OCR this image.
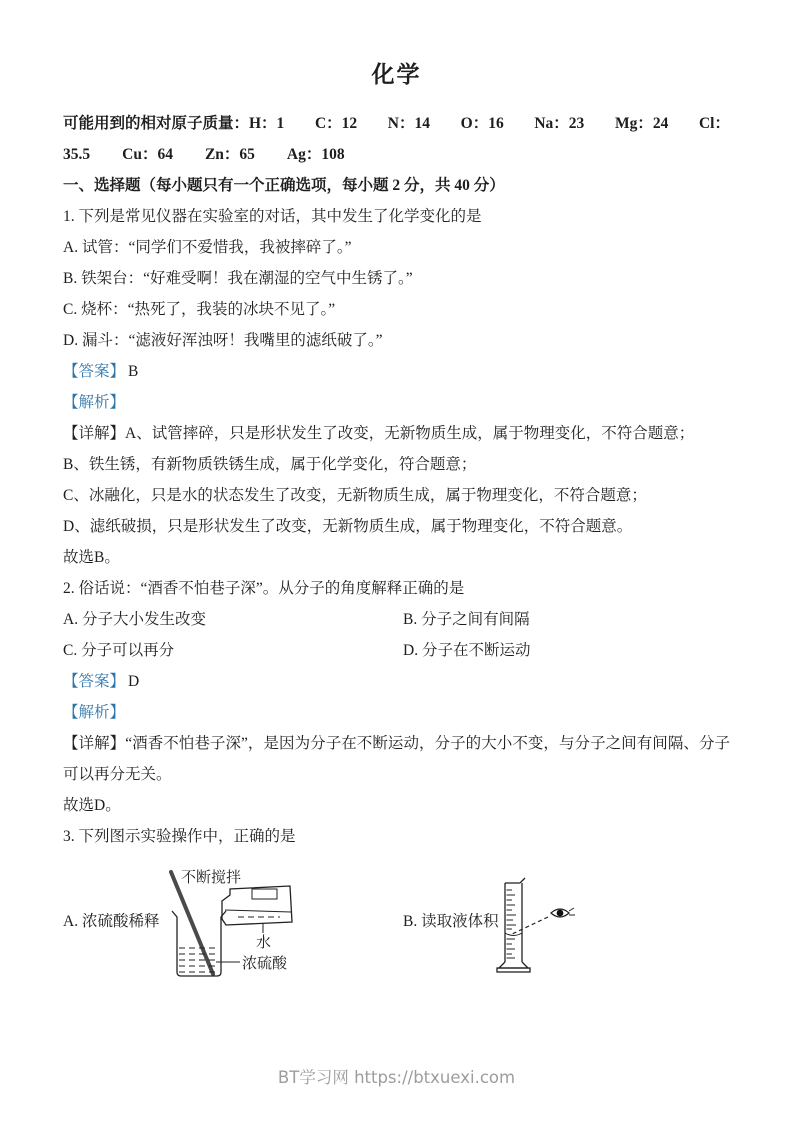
化学
可能用到的相对原子质量：H：1 C：12 N：14 O：16 Na：23 Mg：24 Cl：
35.5 Cu：64 Zn：65 Ag：108

一、选择题（每小题只有一个正确选项，每小题 2 分，共 40 分）

1. 下列是常见仪器在实验室的对话，其中发生了化学变化的是

A. 试管：“同学们不爱惜我，我被摔碎了。”

B. 铁架台：“好难受啊！我在潮湿的空气中生锈了。”

C. 烧杯：“热死了，我装的冰块不见了。”

D. 漏斗：“滤液好浑浊呀！我嘴里的滤纸破了。”

【答案】 B

【解析】

【详解】A、试管摔碎，只是形状发生了改变，无新物质生成，属于物理变化，不符合题意；

B、铁生锈，有新物质铁锈生成，属于化学变化，符合题意；

C、冰融化，只是水的状态发生了改变，无新物质生成，属于物理变化，不符合题意；

D、滤纸破损，只是形状发生了改变，无新物质生成，属于物理变化，不符合题意。

故选B。

2. 俗话说：“酒香不怕巷子深”。从分子的角度解释正确的是

A. 分子大小发生改变	B. 分子之间有间隔

C. 分子可以再分	D. 分子在不断运动

【答案】 D

【解析】

【详解】“酒香不怕巷子深”，是因为分子在不断运动，分子的大小不变，与分子之间有间隔、分子可以再分无关。

故选D。

3. 下列图示实验操作中，正确的是

A. 浓硫酸稀释
不断搅拌
水
浓硫酸
B. 读取液体积

BT学习网 https://btxuexi.com
